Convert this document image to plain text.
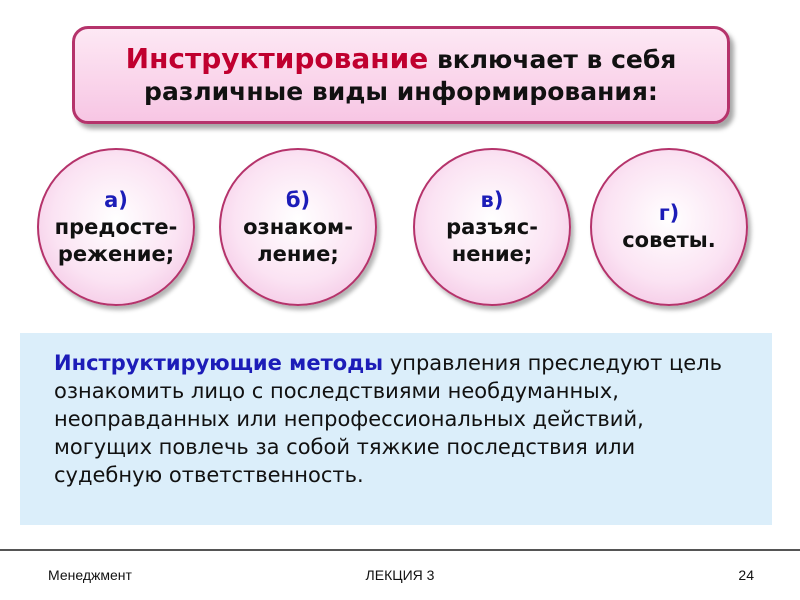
Инструктирование включает в себя
различные виды информирования:
а)
предосте-
режение;
б)
ознаком-
ление;
в)
разъяс-
нение;
г)
советы.
Инструктирующие методы управления преследуют цель ознакомить лицо с последствиями необдуманных, неоправданных или непрофессиональных действий, могущих повлечь за собой тяжкие последствия или судебную ответственность.
Менеджмент	ЛЕКЦИЯ 3	24
